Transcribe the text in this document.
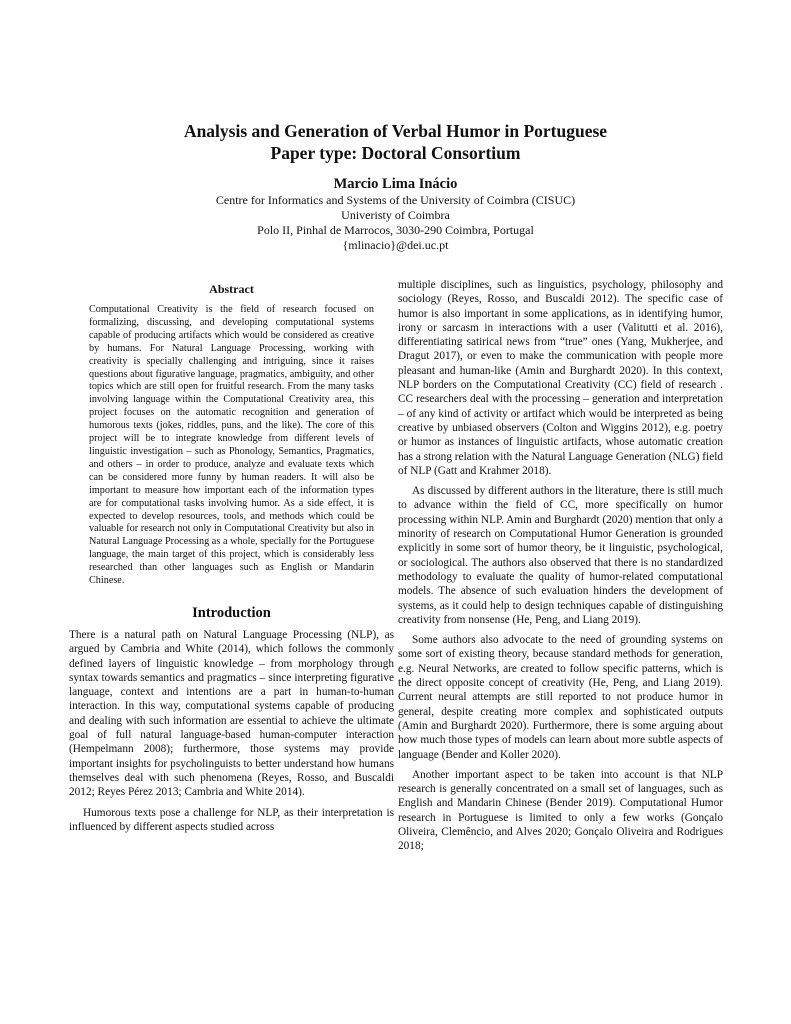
Analysis and Generation of Verbal Humor in Portuguese
Paper type: Doctoral Consortium
Marcio Lima Inácio
Centre for Informatics and Systems of the University of Coimbra (CISUC)
Univeristy of Coimbra
Polo II, Pinhal de Marrocos, 3030-290 Coimbra, Portugal
{mlinacio}@dei.uc.pt
Abstract
Computational Creativity is the field of research focused on formalizing, discussing, and developing computational systems capable of producing artifacts which would be considered as creative by humans. For Natural Language Processing, working with creativity is specially challenging and intriguing, since it raises questions about figurative language, pragmatics, ambiguity, and other topics which are still open for fruitful research. From the many tasks involving language within the Computational Creativity area, this project focuses on the automatic recognition and generation of humorous texts (jokes, riddles, puns, and the like). The core of this project will be to integrate knowledge from different levels of linguistic investigation – such as Phonology, Semantics, Pragmatics, and others – in order to produce, analyze and evaluate texts which can be considered more funny by human readers. It will also be important to measure how important each of the information types are for computational tasks involving humor. As a side effect, it is expected to develop resources, tools, and methods which could be valuable for research not only in Computational Creativity but also in Natural Language Processing as a whole, specially for the Portuguese language, the main target of this project, which is considerably less researched than other languages such as English or Mandarin Chinese.
Introduction

There is a natural path on Natural Language Processing (NLP), as argued by Cambria and White (2014), which follows the commonly defined layers of linguistic knowledge – from morphology through syntax towards semantics and pragmatics – since interpreting figurative language, context and intentions are a part in human-to-human interaction. In this way, computational systems capable of producing and dealing with such information are essential to achieve the ultimate goal of full natural language-based human-computer interaction (Hempelmann 2008); furthermore, those systems may provide important insights for psycholinguists to better understand how humans themselves deal with such phenomena (Reyes, Rosso, and Buscaldi 2012; Reyes Pérez 2013; Cambria and White 2014).

Humorous texts pose a challenge for NLP, as their interpretation is influenced by different aspects studied across

multiple disciplines, such as linguistics, psychology, philosophy and sociology (Reyes, Rosso, and Buscaldi 2012). The specific case of humor is also important in some applications, as in identifying humor, irony or sarcasm in interactions with a user (Valitutti et al. 2016), differentiating satirical news from “true” ones (Yang, Mukherjee, and Dragut 2017), or even to make the communication with people more pleasant and human-like (Amin and Burghardt 2020). In this context, NLP borders on the Computational Creativity (CC) field of research . CC researchers deal with the processing – generation and interpretation – of any kind of activity or artifact which would be interpreted as being creative by unbiased observers (Colton and Wiggins 2012), e.g. poetry or humor as instances of linguistic artifacts, whose automatic creation has a strong relation with the Natural Language Generation (NLG) field of NLP (Gatt and Krahmer 2018).

As discussed by different authors in the literature, there is still much to advance within the field of CC, more specifically on humor processing within NLP. Amin and Burghardt (2020) mention that only a minority of research on Computational Humor Generation is grounded explicitly in some sort of humor theory, be it linguistic, psychological, or sociological. The authors also observed that there is no standardized methodology to evaluate the quality of humor-related computational models. The absence of such evaluation hinders the development of systems, as it could help to design techniques capable of distinguishing creativity from nonsense (He, Peng, and Liang 2019).

Some authors also advocate to the need of grounding systems on some sort of existing theory, because standard methods for generation, e.g. Neural Networks, are created to follow specific patterns, which is the direct opposite concept of creativity (He, Peng, and Liang 2019). Current neural attempts are still reported to not produce humor in general, despite creating more complex and sophisticated outputs (Amin and Burghardt 2020). Furthermore, there is some arguing about how much those types of models can learn about more subtle aspects of language (Bender and Koller 2020).

Another important aspect to be taken into account is that NLP research is generally concentrated on a small set of languages, such as English and Mandarin Chinese (Bender 2019). Computational Humor research in Portuguese is limited to only a few works (Gonçalo Oliveira, Clemêncio, and Alves 2020; Gonçalo Oliveira and Rodrigues 2018;
